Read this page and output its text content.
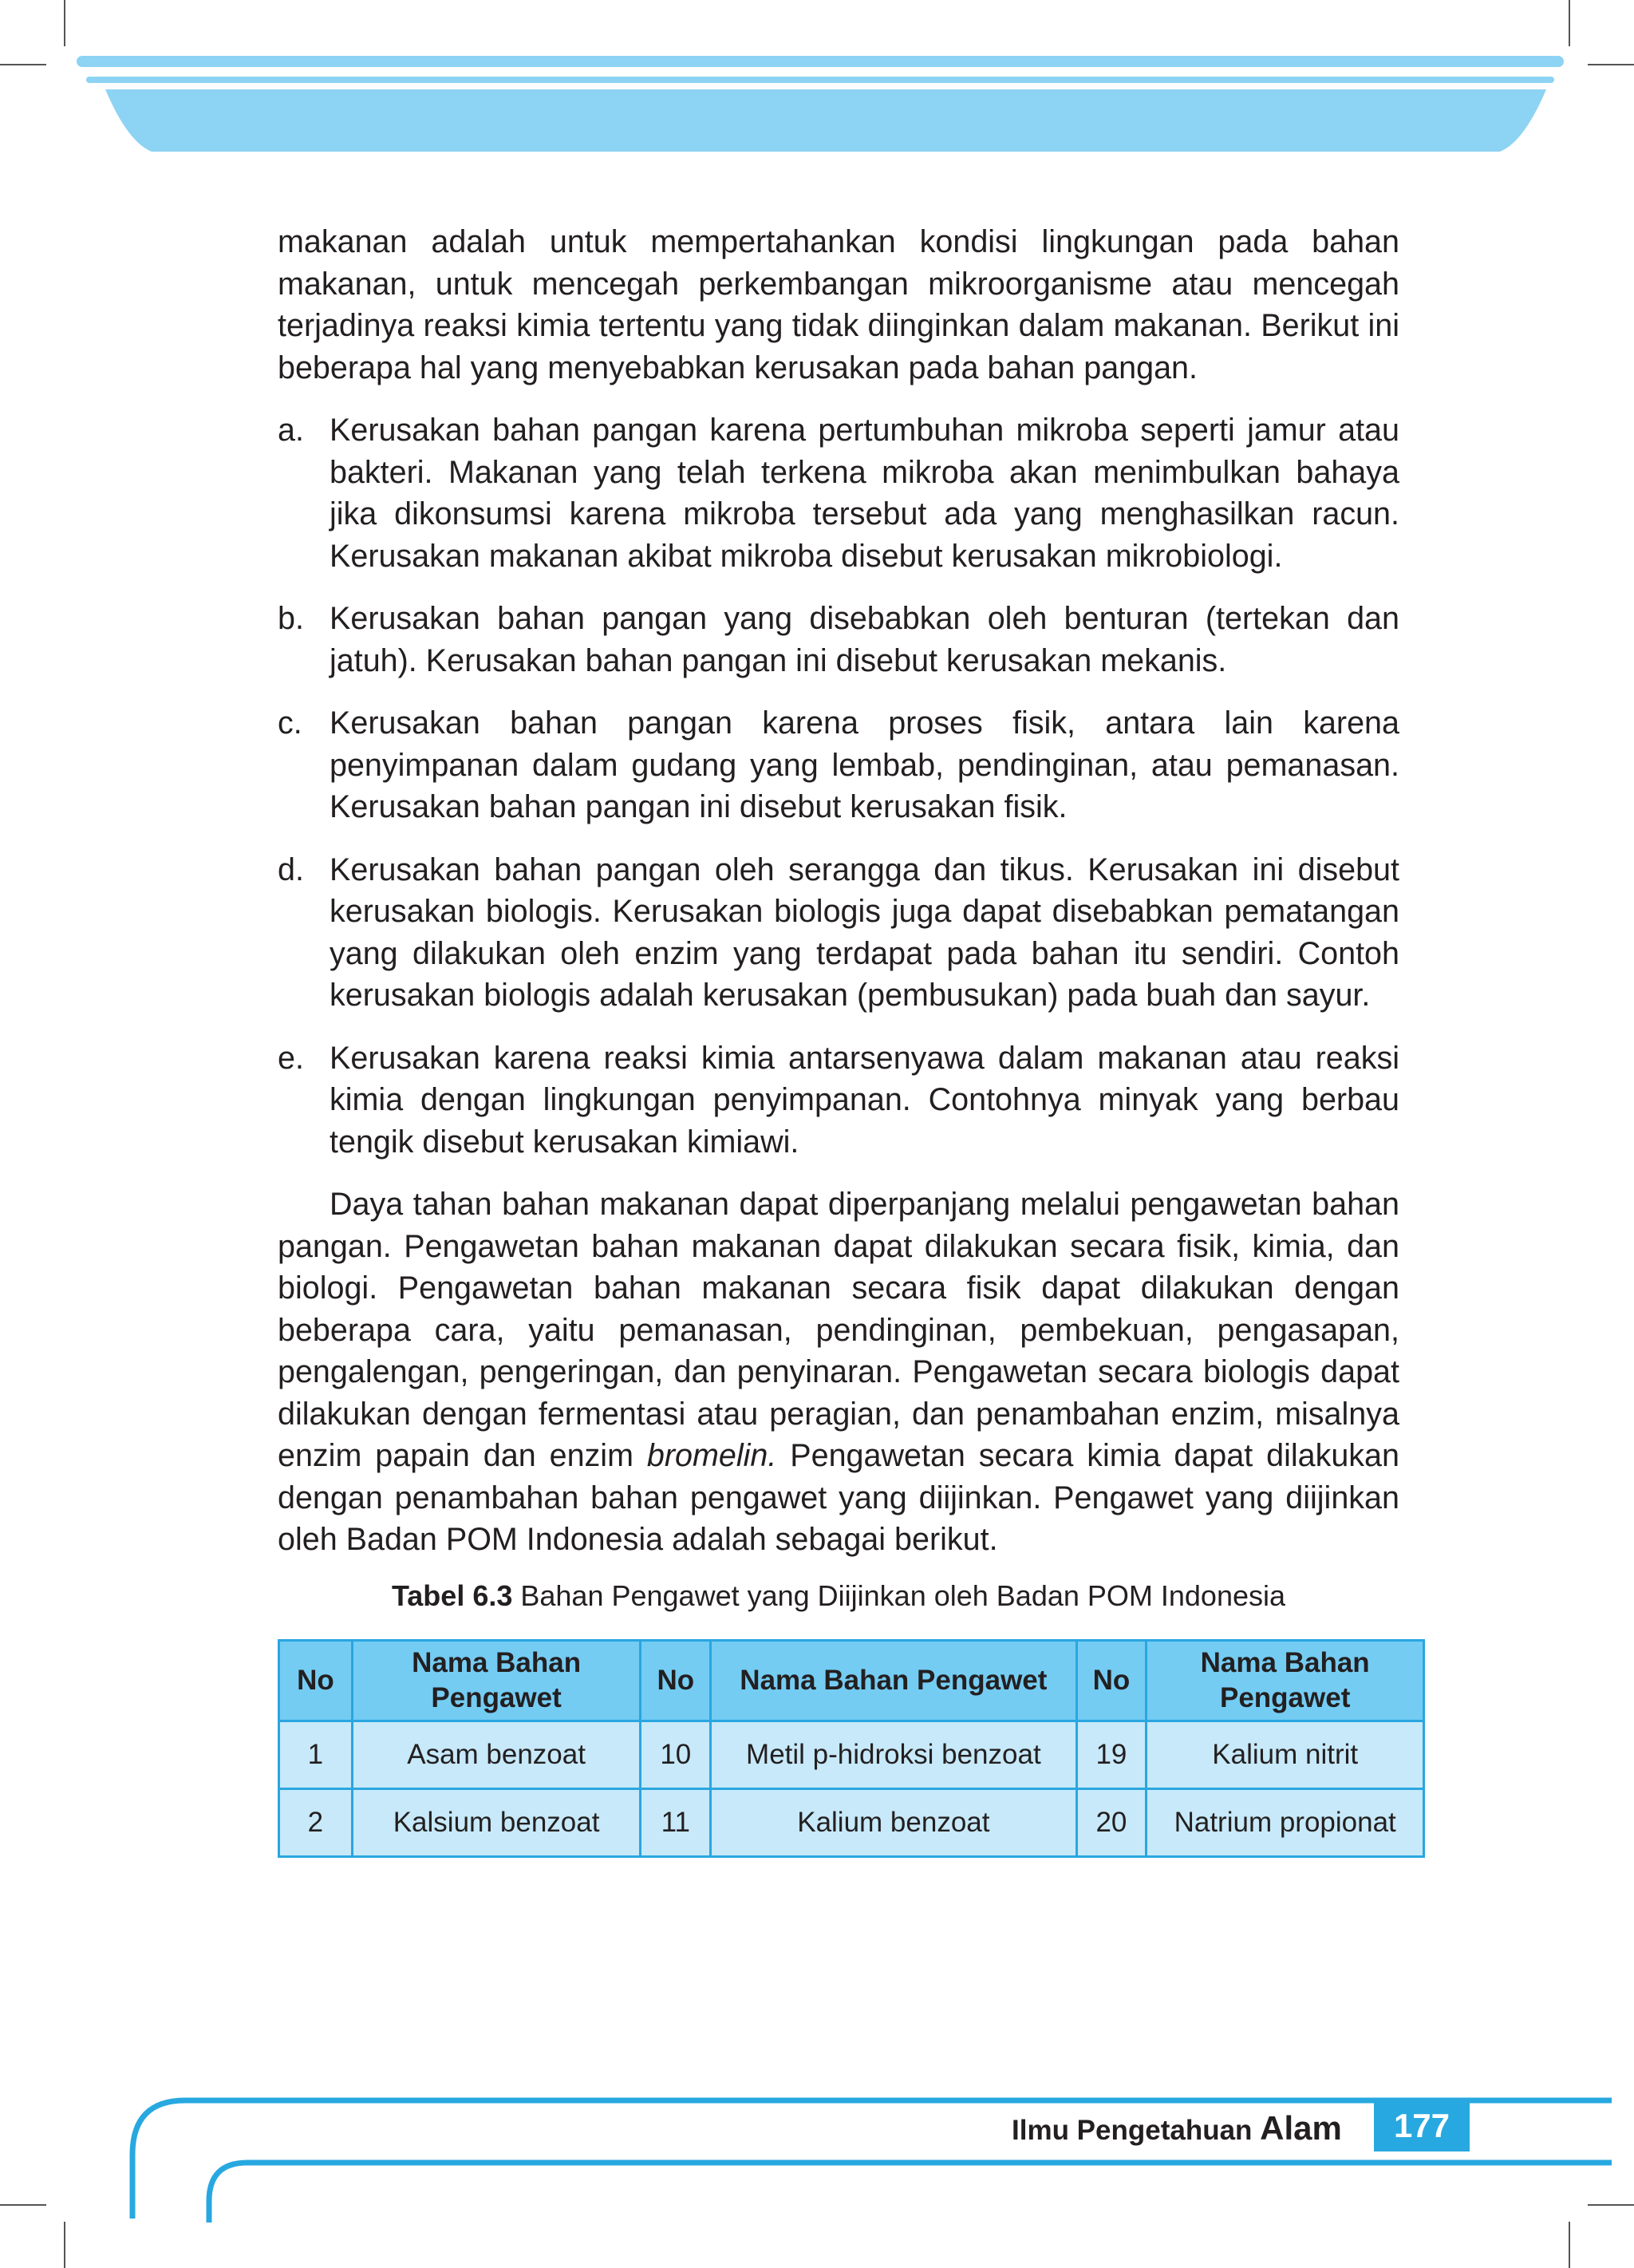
makanan adalah untuk mempertahankan kondisi lingkungan pada bahan makanan, untuk mencegah perkembangan mikroorganisme atau mencegah terjadinya reaksi kimia tertentu yang tidak diinginkan dalam makanan. Berikut ini beberapa hal yang menyebabkan kerusakan pada bahan pangan.

a. Kerusakan bahan pangan karena pertumbuhan mikroba seperti jamur atau bakteri. Makanan yang telah terkena mikroba akan menimbulkan bahaya jika dikonsumsi karena mikroba tersebut ada yang menghasilkan racun. Kerusakan makanan akibat mikroba disebut kerusakan mikrobiologi.

b. Kerusakan bahan pangan yang disebabkan oleh benturan (tertekan dan jatuh). Kerusakan bahan pangan ini disebut kerusakan mekanis.

c. Kerusakan bahan pangan karena proses fisik, antara lain karena penyimpanan dalam gudang yang lembab, pendinginan, atau pemanasan. Kerusakan bahan pangan ini disebut kerusakan fisik.

d. Kerusakan bahan pangan oleh serangga dan tikus. Kerusakan ini disebut kerusakan biologis. Kerusakan biologis juga dapat disebabkan pematangan yang dilakukan oleh enzim yang terdapat pada bahan itu sendiri. Contoh kerusakan biologis adalah kerusakan (pembusukan) pada buah dan sayur.

e. Kerusakan karena reaksi kimia antarsenyawa dalam makanan atau reaksi kimia dengan lingkungan penyimpanan. Contohnya minyak yang berbau tengik disebut kerusakan kimiawi.

Daya tahan bahan makanan dapat diperpanjang melalui pengawetan bahan pangan. Pengawetan bahan makanan dapat dilakukan secara fisik, kimia, dan biologi. Pengawetan bahan makanan secara fisik dapat dilakukan dengan beberapa cara, yaitu pemanasan, pendinginan, pembekuan, pengasapan, pengalengan, pengeringan, dan penyinaran. Pengawetan secara biologis dapat dilakukan dengan fermentasi atau peragian, dan penambahan enzim, misalnya enzim papain dan enzim bromelin. Pengawetan secara kimia dapat dilakukan dengan penambahan bahan pengawet yang diijinkan. Pengawet yang diijinkan oleh Badan POM Indonesia adalah sebagai berikut.

Tabel 6.3 Bahan Pengawet yang Diijinkan oleh Badan POM Indonesia
No	Nama Bahan Pengawet	No	Nama Bahan Pengawet	No	Nama Bahan Pengawet
1	Asam benzoat	10	Metil p-hidroksi benzoat	19	Kalium nitrit
2	Kalsium benzoat	11	Kalium benzoat	20	Natrium propionat
Ilmu Pengetahuan Alam	177
